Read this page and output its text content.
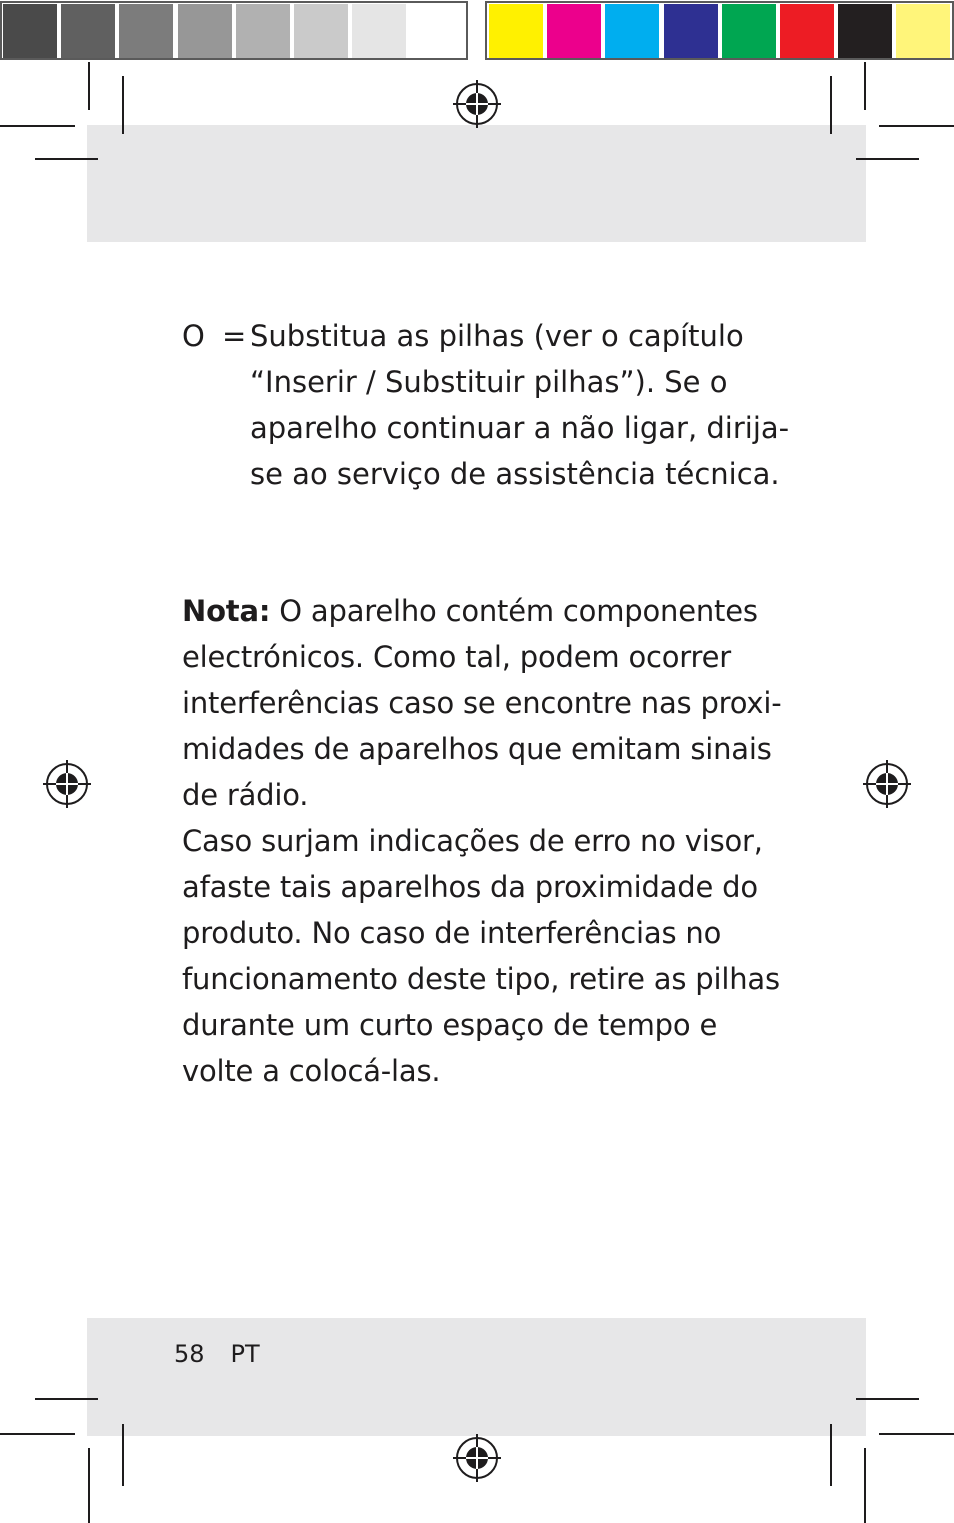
O = Substitua as pilhas (ver o capítulo “Inserir / Substituir pilhas”). Se o aparelho continuar a não ligar, dirija-se ao serviço de assistência técnica.
Nota: O aparelho contém componentes electrónicos. Como tal, podem ocorrer interferências caso se encontre nas proximidades de aparelhos que emitam sinais de rádio.
Caso surjam indicações de erro no visor, afaste tais aparelhos da proximidade do produto. No caso de interferências no funcionamento deste tipo, retire as pilhas durante um curto espaço de tempo e volte a colocá-las.
58 PT
